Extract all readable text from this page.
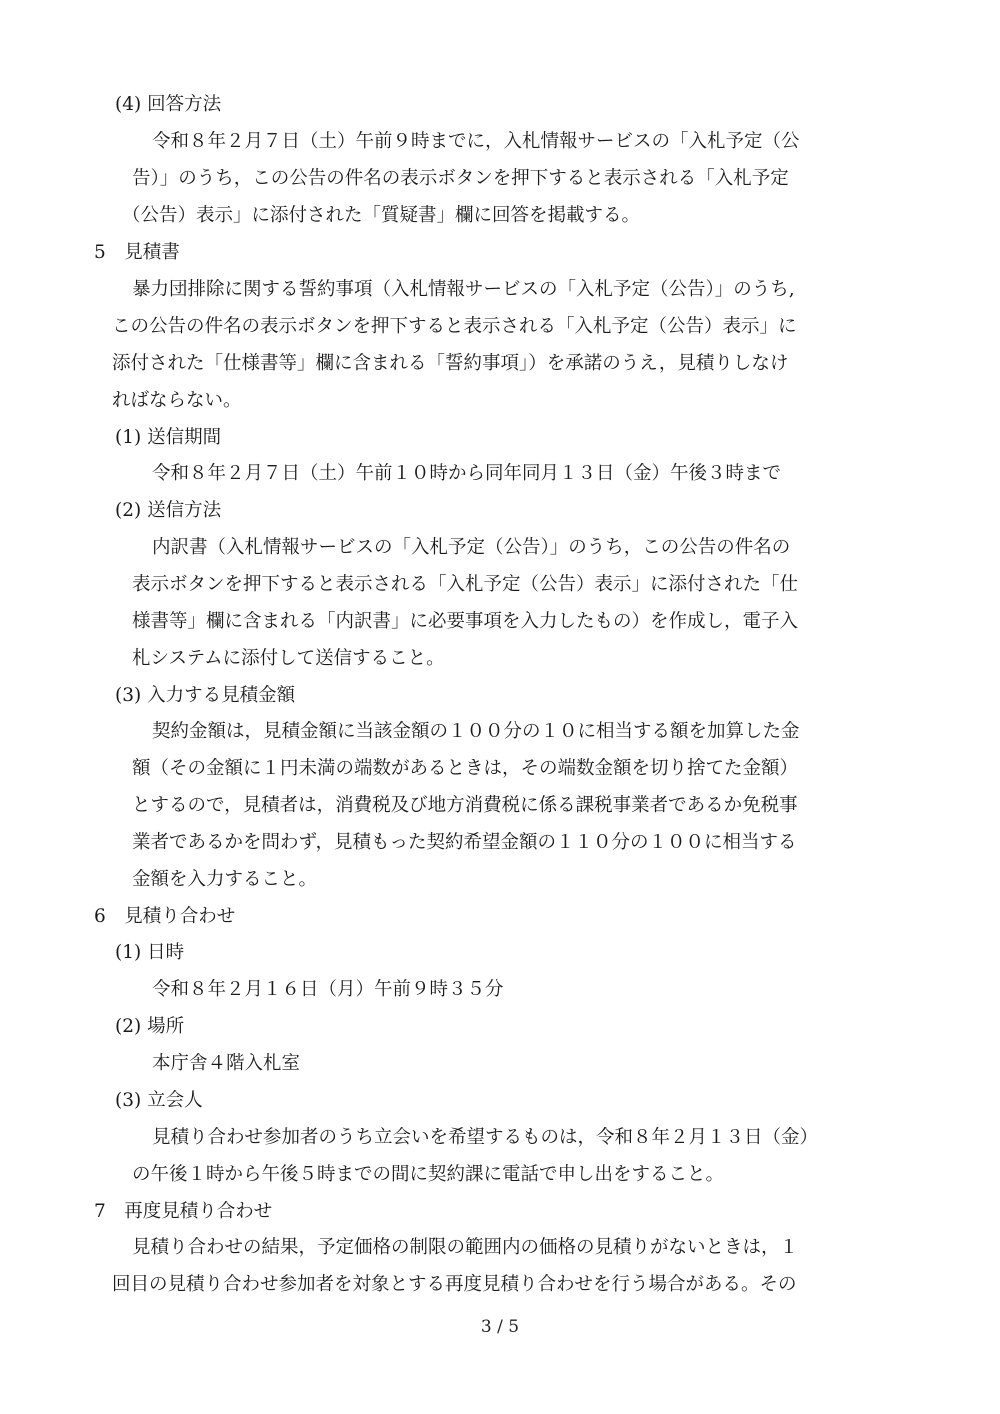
(4) 回答方法
令和８年２月７日（土）午前９時までに，入札情報サービスの「入札予定（公
告）」のうち，この公告の件名の表示ボタンを押下すると表示される「入札予定
（公告）表示」に添付された「質疑書」欄に回答を掲載する。
5　見積書
暴力団排除に関する誓約事項（入札情報サービスの「入札予定（公告）」のうち,
この公告の件名の表示ボタンを押下すると表示される「入札予定（公告）表示」に
添付された「仕様書等」欄に含まれる「誓約事項」）を承諾のうえ，見積りしなけ
ればならない。
(1) 送信期間
令和８年２月７日（土）午前１０時から同年同月１３日（金）午後３時まで
(2) 送信方法
内訳書（入札情報サービスの「入札予定（公告）」のうち，この公告の件名の
表示ボタンを押下すると表示される「入札予定（公告）表示」に添付された「仕
様書等」欄に含まれる「内訳書」に必要事項を入力したもの）を作成し，電子入
札システムに添付して送信すること。
(3) 入力する見積金額
契約金額は，見積金額に当該金額の１００分の１０に相当する額を加算した金
額（その金額に１円未満の端数があるときは，その端数金額を切り捨てた金額）
とするので，見積者は，消費税及び地方消費税に係る課税事業者であるか免税事
業者であるかを問わず，見積もった契約希望金額の１１０分の１００に相当する
金額を入力すること。
6　見積り合わせ
(1) 日時
令和８年２月１６日（月）午前９時３５分
(2) 場所
本庁舎４階入札室
(3) 立会人
見積り合わせ参加者のうち立会いを希望するものは，令和８年２月１３日（金）
の午後１時から午後５時までの間に契約課に電話で申し出をすること。
7　再度見積り合わせ
見積り合わせの結果，予定価格の制限の範囲内の価格の見積りがないときは，１
回目の見積り合わせ参加者を対象とする再度見積り合わせを行う場合がある。その
3 / 5
